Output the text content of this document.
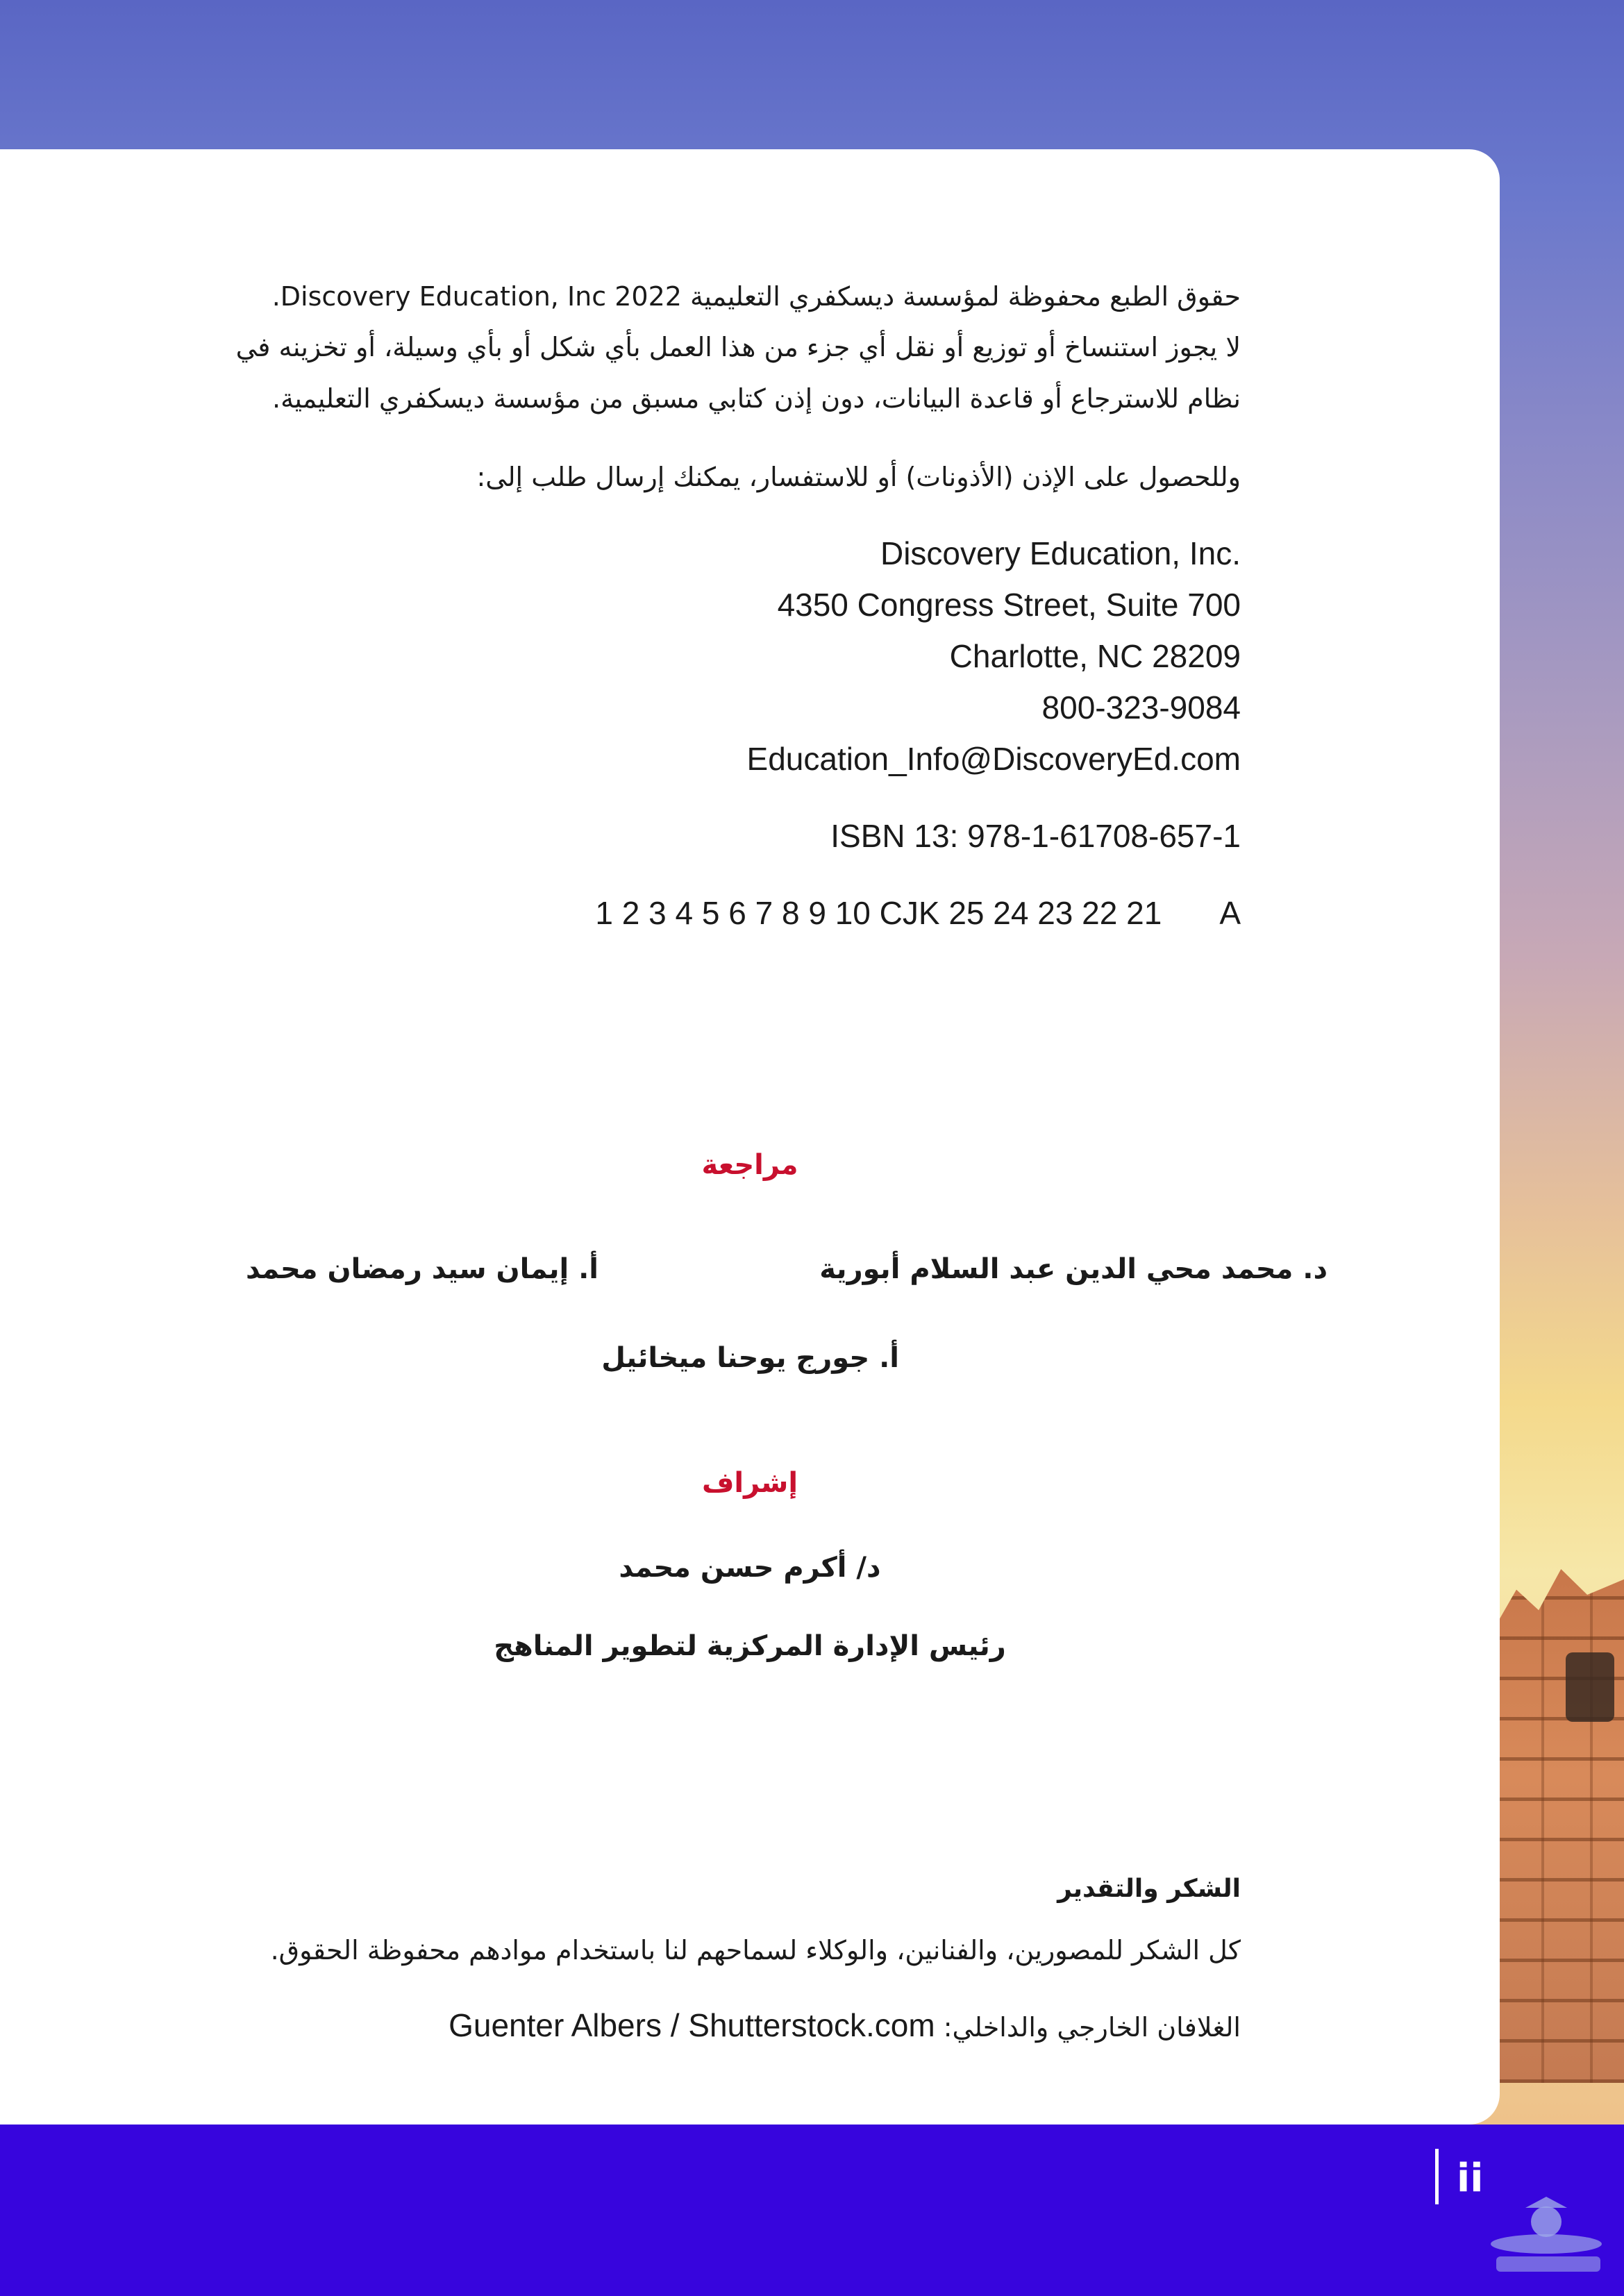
حقوق الطبع محفوظة لمؤسسة ديسكفري التعليمية Discovery Education, Inc 2022.
لا يجوز استنساخ أو توزيع أو نقل أي جزء من هذا العمل بأي شكل أو بأي وسيلة، أو تخزينه في
نظام للاسترجاع أو قاعدة البيانات، دون إذن كتابي مسبق من مؤسسة ديسكفري التعليمية.
وللحصول على الإذن (الأذونات) أو للاستفسار، يمكنك إرسال طلب إلى:
Discovery Education, Inc.
4350 Congress Street, Suite 700
Charlotte, NC 28209
800-323-9084
Education_Info@DiscoveryEd.com
ISBN 13: 978-1-61708-657-1
1 2 3 4 5 6 7 8 9 10 CJK 25 24 23 22 21 A
مراجعة
د. محمد محي الدين عبد السلام أبورية
أ. إيمان سيد رمضان محمد
أ. جورج يوحنا ميخائيل
إشراف
د/ أكرم حسن محمد
رئيس الإدارة المركزية لتطوير المناهج
الشكر والتقدير
كل الشكر للمصورين، والفنانين، والوكلاء لسماحهم لنا باستخدام موادهم محفوظة الحقوق.
الغلافان الخارجي والداخلي: Guenter Albers / Shutterstock.com
ii
